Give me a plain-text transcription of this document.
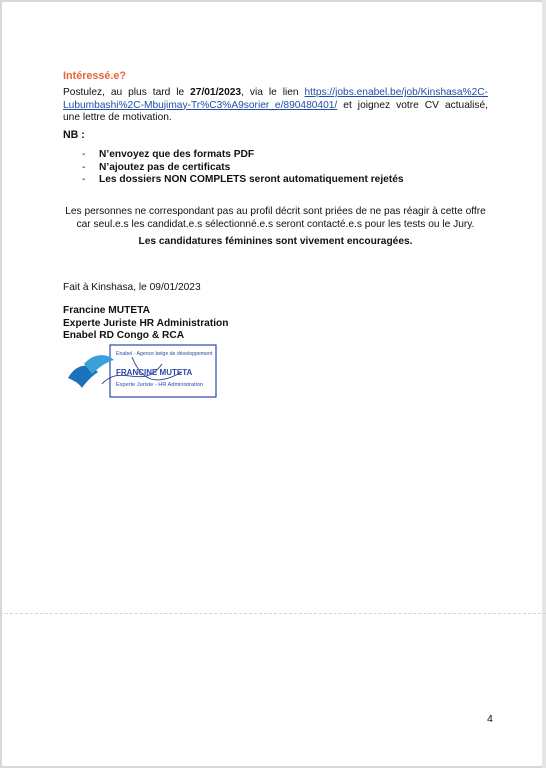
Intéressé.e?
Postulez, au plus tard le 27/01/2023, via le lien https://jobs.enabel.be/job/Kinshasa%2C-Lubumbashi%2C-Mbujimay-Tr%C3%A9sorier_e/890480401/ et joignez votre CV actualisé, une lettre de motivation.
NB :
- N’envoyez que des formats PDF
- N’ajoutez pas de certificats
- Les dossiers NON COMPLETS seront automatiquement rejetés
Les personnes ne correspondant pas au profil décrit sont priées de ne pas réagir à cette offre car seul.e.s les candidat.e.s sélectionné.e.s seront contacté.e.s pour les tests ou le Jury.
Les candidatures féminines sont vivement encouragées.
Fait à Kinshasa, le 09/01/2023
Francine MUTETA
Experte Juriste HR Administration
Enabel RD Congo & RCA
Enabel - Agence belge de développement
FRANCINE MUTETA
Experte Juriste - HR Administration
4
